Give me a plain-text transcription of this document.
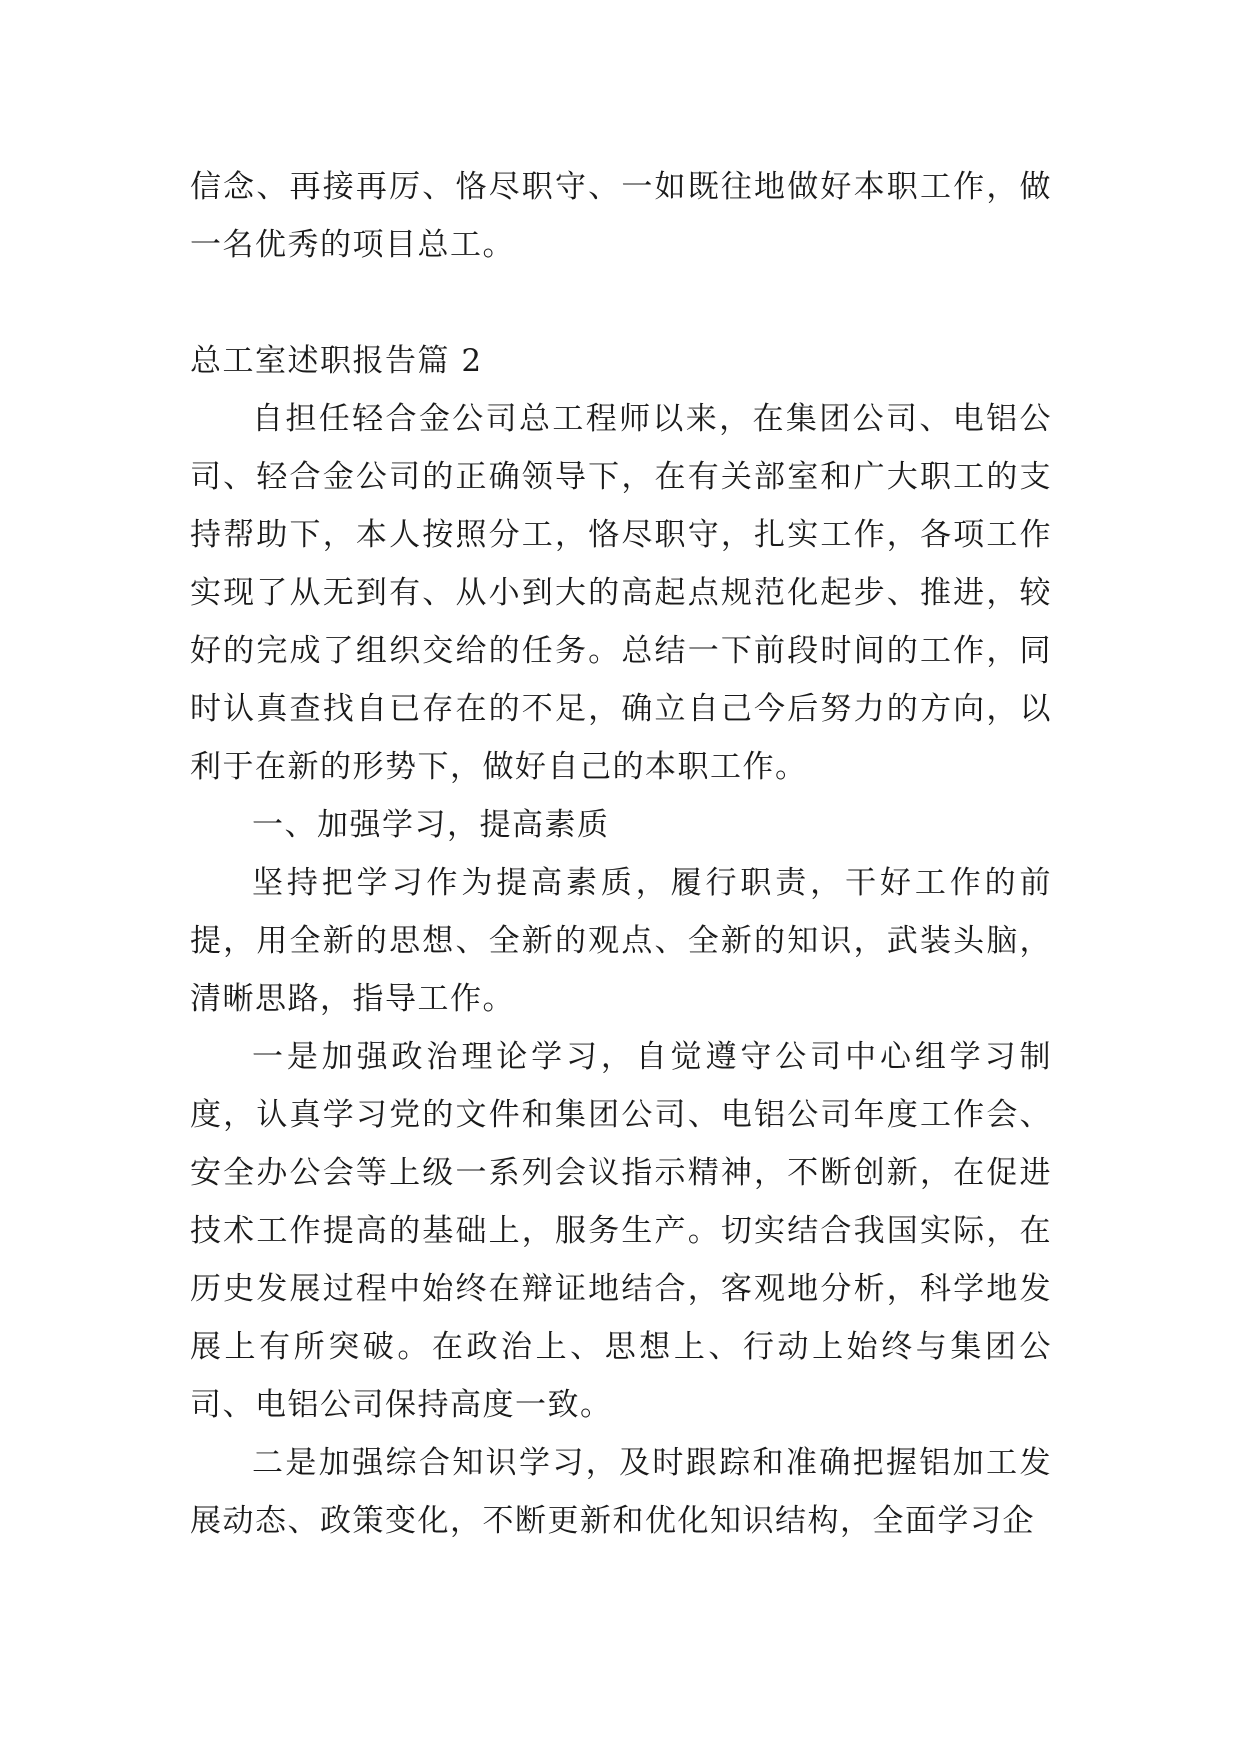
信念、再接再厉、恪尽职守、一如既往地做好本职工作，做一名优秀的项目总工。

总工室述职报告篇 2

自担任轻合金公司总工程师以来，在集团公司、电铝公司、轻合金公司的正确领导下，在有关部室和广大职工的支持帮助下，本人按照分工，恪尽职守，扎实工作，各项工作实现了从无到有、从小到大的高起点规范化起步、推进，较好的完成了组织交给的任务。总结一下前段时间的工作，同时认真查找自已存在的不足，确立自己今后努力的方向，以利于在新的形势下，做好自己的本职工作。

一、加强学习，提高素质

坚持把学习作为提高素质，履行职责，干好工作的前提，用全新的思想、全新的观点、全新的知识，武装头脑，清晰思路，指导工作。

一是加强政治理论学习，自觉遵守公司中心组学习制度，认真学习党的文件和集团公司、电铝公司年度工作会、安全办公会等上级一系列会议指示精神，不断创新，在促进技术工作提高的基础上，服务生产。切实结合我国实际，在历史发展过程中始终在辩证地结合，客观地分析，科学地发展上有所突破。在政治上、思想上、行动上始终与集团公司、电铝公司保持高度一致。

二是加强综合知识学习，及时跟踪和准确把握铝加工发展动态、政策变化，不断更新和优化知识结构，全面学习企
